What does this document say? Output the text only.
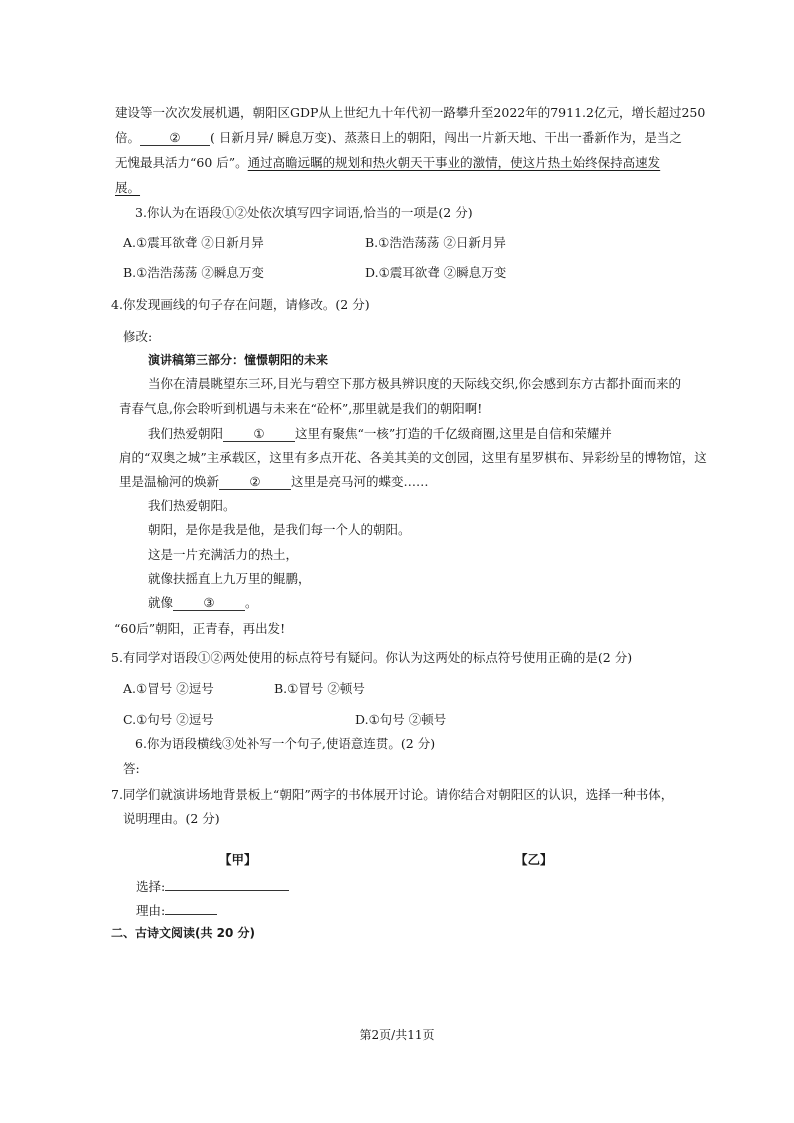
建设等一次次发展机遇，朝阳区GDP从上世纪九十年代初一路攀升至2022年的7911.2亿元，增长超过250
倍。 ② ( 日新月异/ 瞬息万变)、蒸蒸日上的朝阳，闯出一片新天地、干出一番新作为，是当之
无愧最具活力“60 后”。通过高瞻远瞩的规划和热火朝天干事业的激情，使这片热土始终保持高速发
展。
3.你认为在语段①②处依次填写四字词语,恰当的一项是(2 分)
A.①震耳欲聋 ②日新月异	B.①浩浩荡荡 ②日新月异
B.①浩浩荡荡 ②瞬息万变	D.①震耳欲聋 ②瞬息万变
4.你发现画线的句子存在问题，请修改。(2 分)
修改:
演讲稿第三部分：憧憬朝阳的未来
当你在清晨眺望东三环,目光与碧空下那方极具辨识度的天际线交织,你会感到东方古都扑面而来的
青春气息,你会聆听到机遇与未来在“砼杯”,那里就是我们的朝阳啊!
我们热爱朝阳 ① 这里有聚焦“一核”打造的千亿级商圈,这里是自信和荣耀并
肩的“双奥之城”主承载区，这里有多点开花、各美其美的文创园，这里有星罗棋布、异彩纷呈的博物馆，这
里是温榆河的焕新 ② 这里是亮马河的蝶变……
我们热爱朝阳。
朝阳，是你是我是他，是我们每一个人的朝阳。
这是一片充满活力的热土，
就像扶摇直上九万里的鲲鹏，
就像 ③ 。
“60后”朝阳，正青春，再出发!
5.有同学对语段①②两处使用的标点符号有疑问。你认为这两处的标点符号使用正确的是(2 分)
A.①冒号 ②逗号	B.①冒号 ②顿号
C.①句号 ②逗号	D.①句号 ②顿号
6.你为语段横线③处补写一个句子,使语意连贯。(2 分)
答:
7.同学们就演讲场地背景板上“朝阳”两字的书体展开讨论。请你结合对朝阳区的认识，选择一种书体，
说明理由。(2 分)
【甲】	【乙】
选择:
理由:
二、古诗文阅读(共 20 分)
第2页/共11页
